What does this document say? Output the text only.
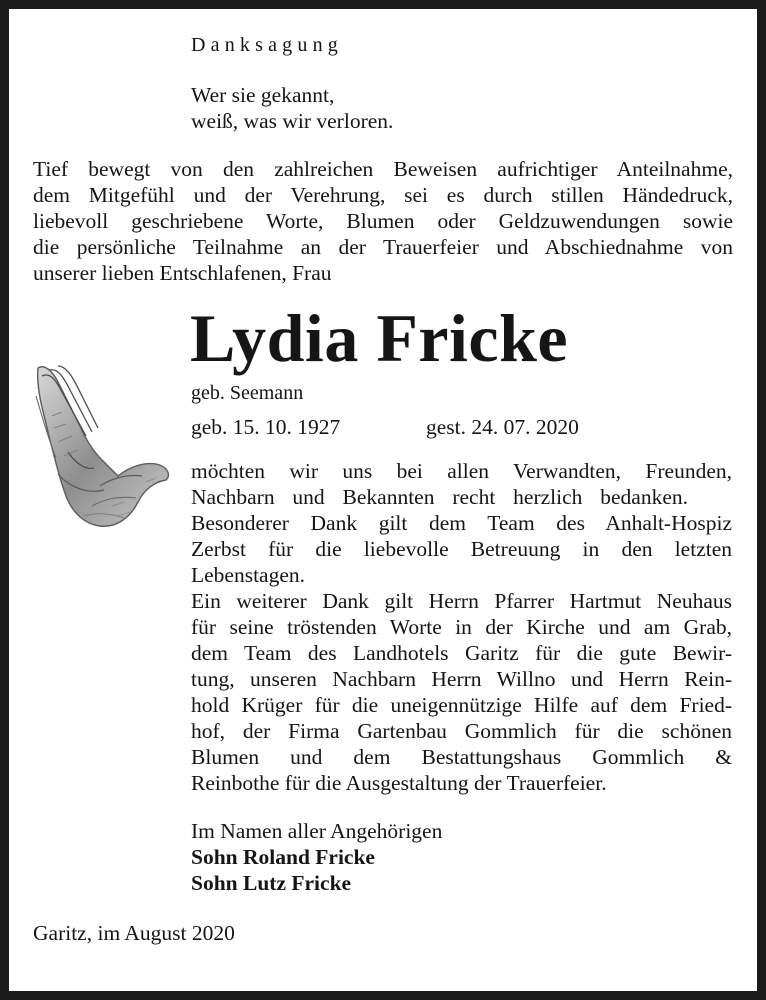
Danksagung
Wer sie gekannt,
weiß, was wir verloren.
Tief bewegt von den zahlreichen Beweisen aufrichtiger Anteilnahme,
dem Mitgefühl und der Verehrung, sei es durch stillen Händedruck,
liebevoll geschriebene Worte, Blumen oder Geldzuwendungen sowie
die persönliche Teilnahme an der Trauerfeier und Abschiednahme von
unserer lieben Entschlafenen, Frau
Lydia Fricke
geb. Seemann
geb. 15. 10. 1927	gest. 24. 07. 2020
möchten wir uns bei allen Verwandten, Freunden,
Nachbarn und Bekannten recht herzlich bedanken.
Besonderer Dank gilt dem Team des Anhalt-Hospiz
Zerbst für die liebevolle Betreuung in den letzten
Lebenstagen.
Ein weiterer Dank gilt Herrn Pfarrer Hartmut Neuhaus
für seine tröstenden Worte in der Kirche und am Grab,
dem Team des Landhotels Garitz für die gute Bewir-
tung, unseren Nachbarn Herrn Willno und Herrn Rein-
hold Krüger für die uneigennützige Hilfe auf dem Fried-
hof, der Firma Gartenbau Gommlich für die schönen
Blumen und dem Bestattungshaus Gommlich &
Reinbothe für die Ausgestaltung der Trauerfeier.
Im Namen aller Angehörigen
Sohn Roland Fricke
Sohn Lutz Fricke
Garitz, im August 2020
